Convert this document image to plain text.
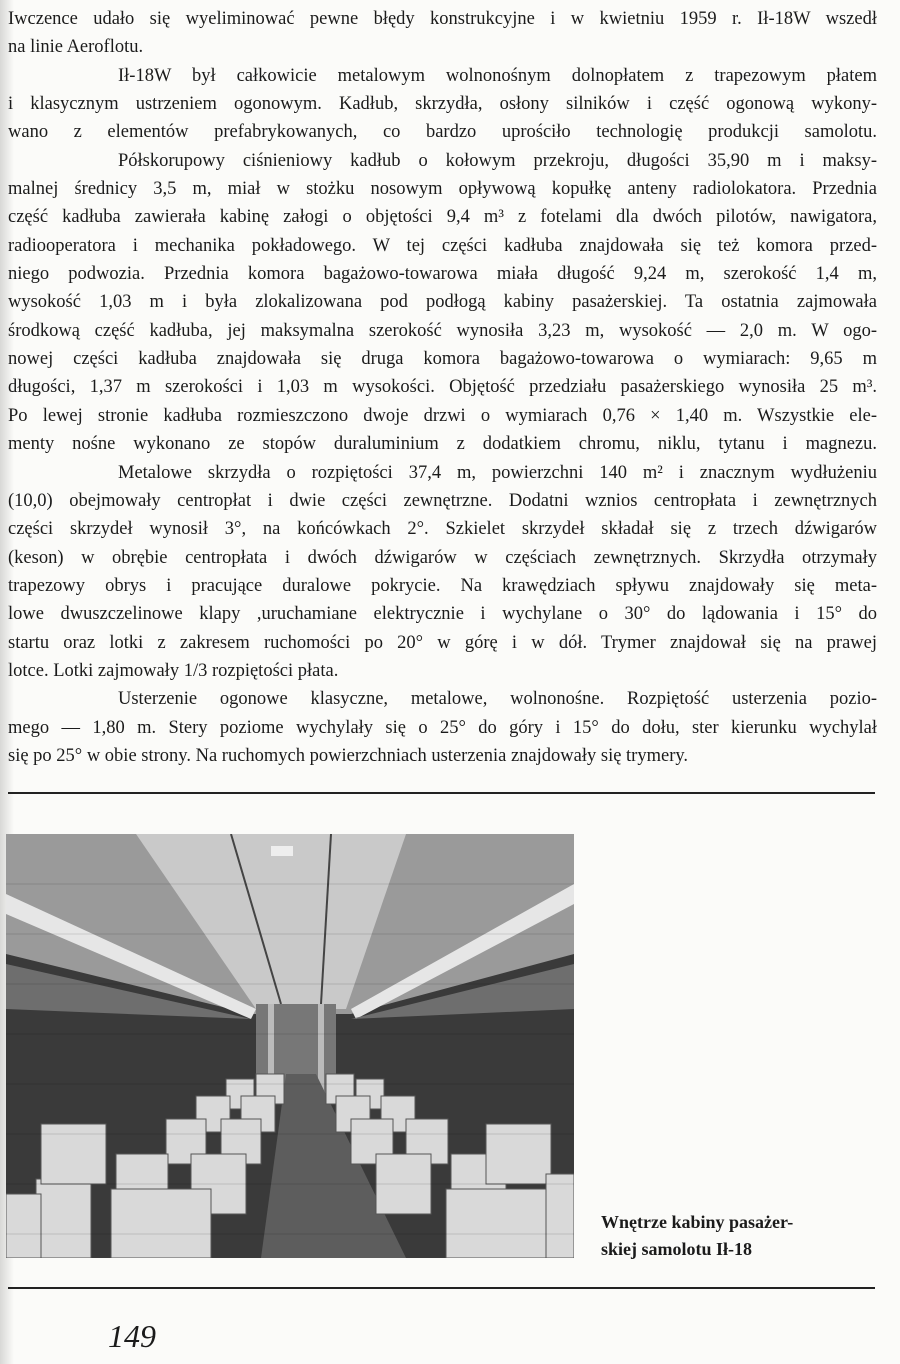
Iwczence udało się wyeliminować pewne błędy konstrukcyjne i w kwietniu 1959 r. Ił-18W wszedł
na linie Aeroflotu.
Ił-18W był całkowicie metalowym wolnonośnym dolnopłatem z trapezowym płatem
i klasycznym ustrzeniem ogonowym. Kadłub, skrzydła, osłony silników i część ogonową wykony-
wano z elementów prefabrykowanych, co bardzo uprościło technologię produkcji samolotu.
Półskorupowy ciśnieniowy kadłub o kołowym przekroju, długości 35,90 m i maksy-
malnej średnicy 3,5 m, miał w stożku nosowym opływową kopułkę anteny radiolokatora. Przednia
część kadłuba zawierała kabinę załogi o objętości 9,4 m³ z fotelami dla dwóch pilotów, nawigatora,
radiooperatora i mechanika pokładowego. W tej części kadłuba znajdowała się też komora przed-
niego podwozia. Przednia komora bagażowo-towarowa miała długość 9,24 m, szerokość 1,4 m,
wysokość 1,03 m i była zlokalizowana pod podłogą kabiny pasażerskiej. Ta ostatnia zajmowała
środkową część kadłuba, jej maksymalna szerokość wynosiła 3,23 m, wysokość — 2,0 m. W ogo-
nowej części kadłuba znajdowała się druga komora bagażowo-towarowa o wymiarach: 9,65 m
długości, 1,37 m szerokości i 1,03 m wysokości. Objętość przedziału pasażerskiego wynosiła 25 m³.
Po lewej stronie kadłuba rozmieszczono dwoje drzwi o wymiarach 0,76 × 1,40 m. Wszystkie ele-
menty nośne wykonano ze stopów duraluminium z dodatkiem chromu, niklu, tytanu i magnezu.
Metalowe skrzydła o rozpiętości 37,4 m, powierzchni 140 m² i znacznym wydłużeniu
(10,0) obejmowały centropłat i dwie części zewnętrzne. Dodatni wznios centropłata i zewnętrznych
części skrzydeł wynosił 3°, na końcówkach 2°. Szkielet skrzydeł składał się z trzech dźwigarów
(keson) w obrębie centropłata i dwóch dźwigarów w częściach zewnętrznych. Skrzydła otrzymały
trapezowy obrys i pracujące duralowe pokrycie. Na krawędziach spływu znajdowały się meta-
lowe dwuszczelinowe klapy ,uruchamiane elektrycznie i wychylane o 30° do lądowania i 15° do
startu oraz lotki z zakresem ruchomości po 20° w górę i w dół. Trymer znajdował się na prawej
lotce. Lotki zajmowały 1/3 rozpiętości płata.
Usterzenie ogonowe klasyczne, metalowe, wolnonośne. Rozpiętość usterzenia pozio-
mego — 1,80 m. Stery poziome wychylały się o 25° do góry i 15° do dołu, ster kierunku wychylał
się po 25° w obie strony. Na ruchomych powierzchniach usterzenia znajdowały się trymery.
Wnętrze kabiny pasażer-
skiej samolotu Ił-18
149
